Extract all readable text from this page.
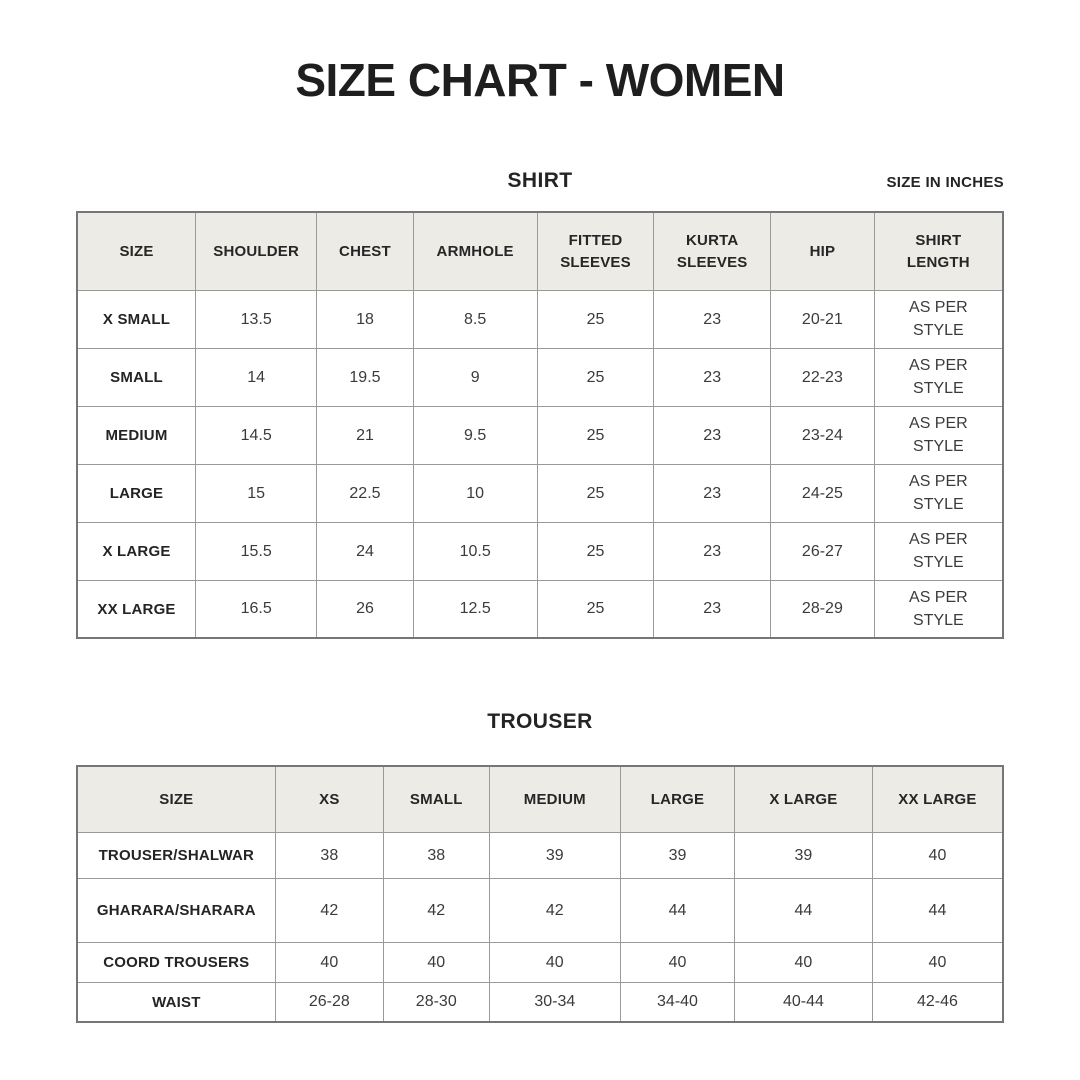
SIZE CHART - WOMEN
SHIRT	SIZE IN INCHES
SIZE	SHOULDER	CHEST	ARMHOLE	FITTED SLEEVES	KURTA SLEEVES	HIP	SHIRT LENGTH
X SMALL	13.5	18	8.5	25	23	20-21	AS PER STYLE
SMALL	14	19.5	9	25	23	22-23	AS PER STYLE
MEDIUM	14.5	21	9.5	25	23	23-24	AS PER STYLE
LARGE	15	22.5	10	25	23	24-25	AS PER STYLE
X LARGE	15.5	24	10.5	25	23	26-27	AS PER STYLE
XX LARGE	16.5	26	12.5	25	23	28-29	AS PER STYLE
TROUSER
SIZE	XS	SMALL	MEDIUM	LARGE	X LARGE	XX LARGE
TROUSER/SHALWAR	38	38	39	39	39	40
GHARARA/SHARARA	42	42	42	44	44	44
COORD TROUSERS	40	40	40	40	40	40
WAIST	26-28	28-30	30-34	34-40	40-44	42-46
